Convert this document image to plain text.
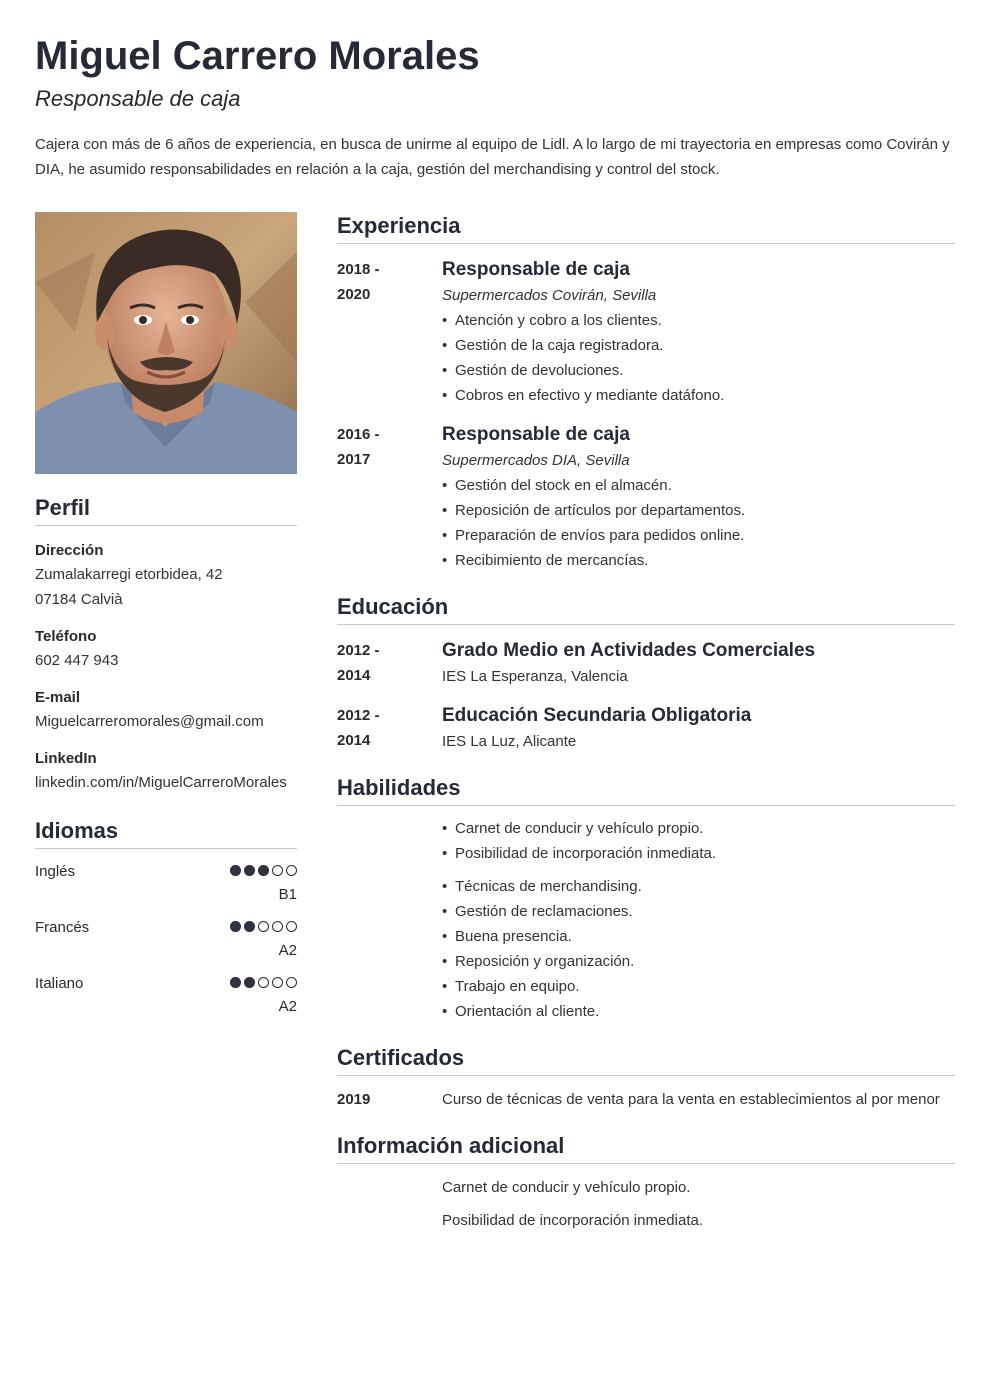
Miguel Carrero Morales
Responsable de caja
Cajera con más de 6 años de experiencia, en busca de unirme al equipo de Lidl. A lo largo de mi trayectoria en empresas como Covirán y DIA, he asumido responsabilidades en relación a la caja, gestión del merchandising y control del stock.
Perfil
Dirección
Zumalakarregi etorbidea, 42
07184 Calvià
Teléfono
602 447 943
E-mail
Miguelcarreromorales@gmail.com
LinkedIn
linkedin.com/in/MiguelCarreroMorales
Idiomas
Inglés
B1
Francés
A2
Italiano
A2
Experiencia
2018 -
2020
Responsable de caja
Supermercados Covirán, Sevilla
• Atención y cobro a los clientes.
• Gestión de la caja registradora.
• Gestión de devoluciones.
• Cobros en efectivo y mediante datáfono.
2016 -
2017
Responsable de caja
Supermercados DIA, Sevilla
• Gestión del stock en el almacén.
• Reposición de artículos por departamentos.
• Preparación de envíos para pedidos online.
• Recibimiento de mercancías.
Educación
2012 -
2014
Grado Medio en Actividades Comerciales
IES La Esperanza, Valencia
2012 -
2014
Educación Secundaria Obligatoria
IES La Luz, Alicante
Habilidades
• Carnet de conducir y vehículo propio.
• Posibilidad de incorporación inmediata.
• Técnicas de merchandising.
• Gestión de reclamaciones.
• Buena presencia.
• Reposición y organización.
• Trabajo en equipo.
• Orientación al cliente.
Certificados
2019	Curso de técnicas de venta para la venta en establecimientos al por menor
Información adicional
Carnet de conducir y vehículo propio.
Posibilidad de incorporación inmediata.
